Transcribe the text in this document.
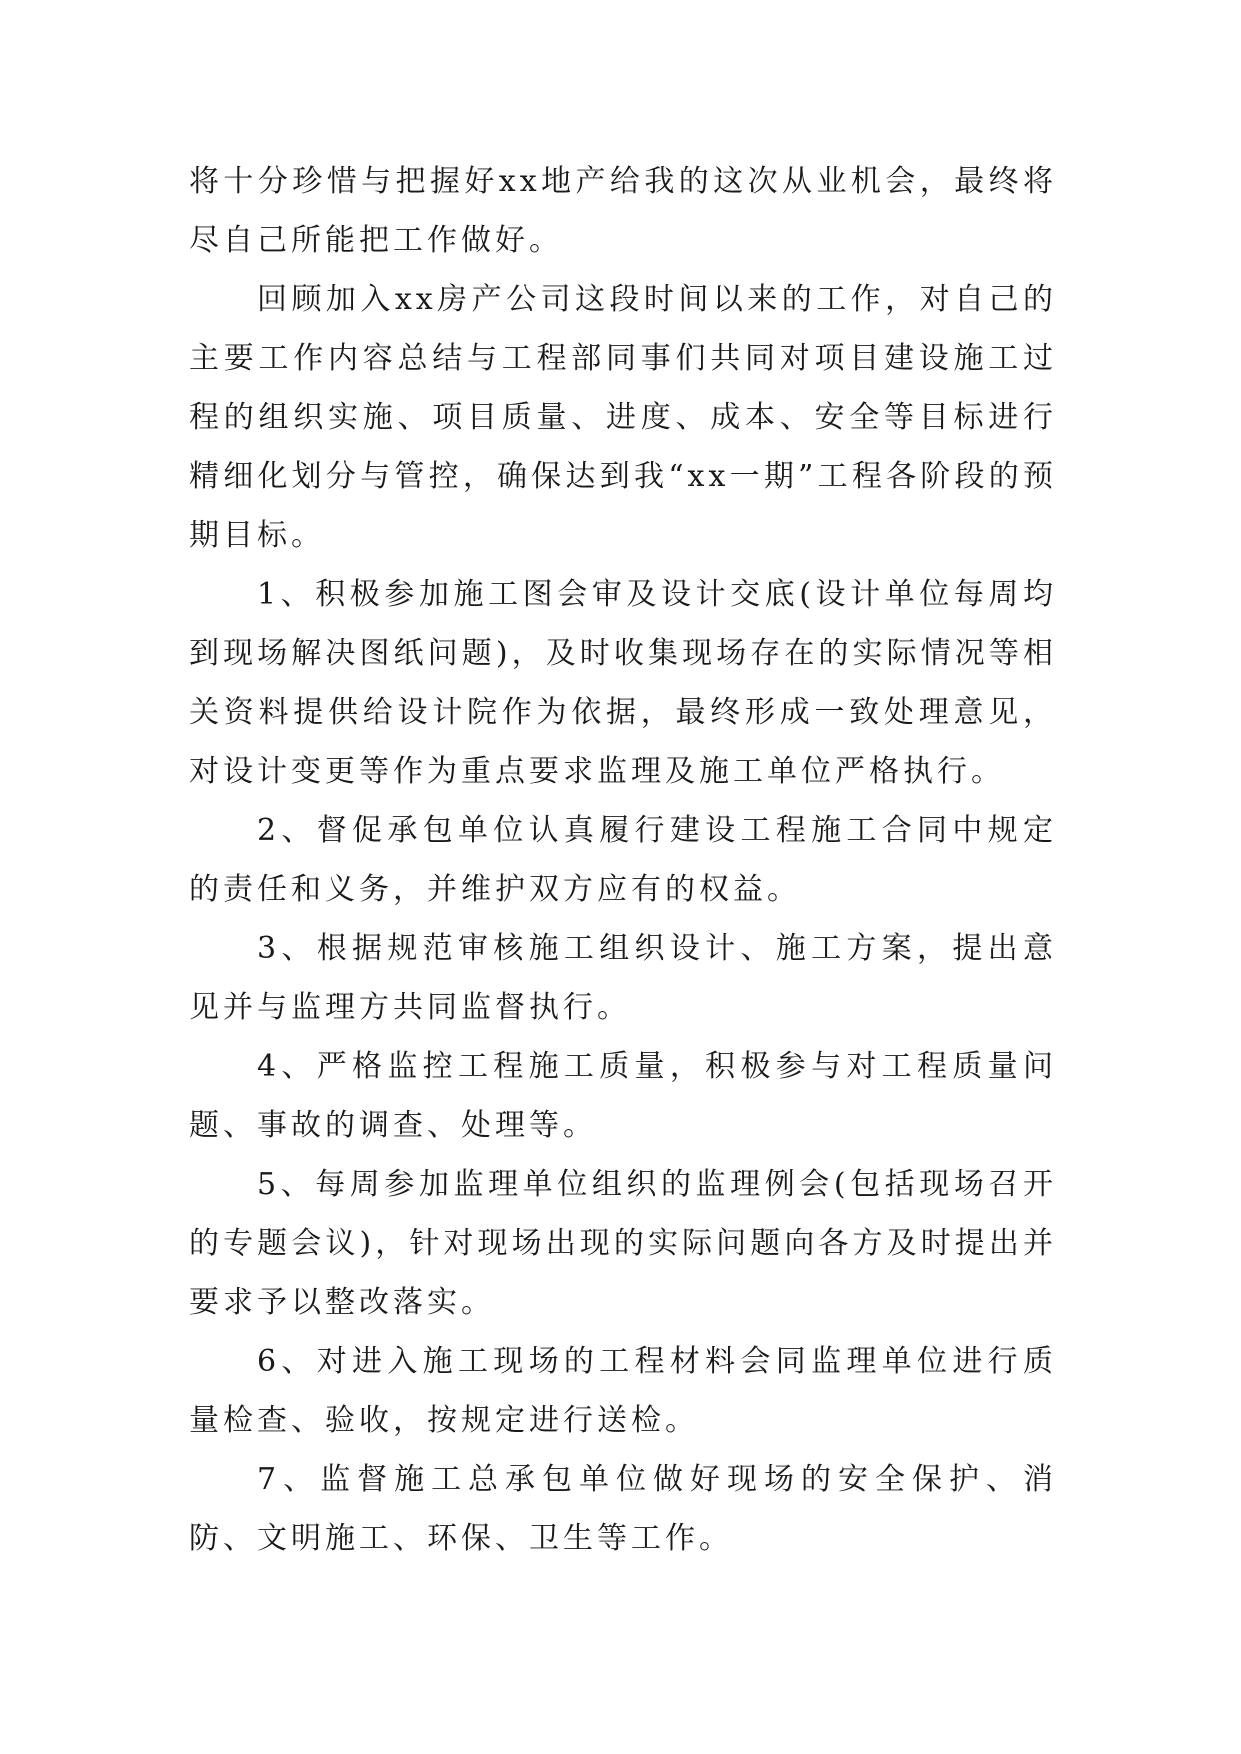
将十分珍惜与把握好xx地产给我的这次从业机会，最终将尽自己所能把工作做好。

回顾加入xx房产公司这段时间以来的工作，对自己的主要工作内容总结与工程部同事们共同对项目建设施工过程的组织实施、项目质量、进度、成本、安全等目标进行精细化划分与管控，确保达到我“xx一期”工程各阶段的预期目标。

1、积极参加施工图会审及设计交底(设计单位每周均到现场解决图纸问题)，及时收集现场存在的实际情况等相关资料提供给设计院作为依据，最终形成一致处理意见，对设计变更等作为重点要求监理及施工单位严格执行。

2、督促承包单位认真履行建设工程施工合同中规定的责任和义务，并维护双方应有的权益。

3、根据规范审核施工组织设计、施工方案，提出意见并与监理方共同监督执行。

4、严格监控工程施工质量，积极参与对工程质量问题、事故的调查、处理等。

5、每周参加监理单位组织的监理例会(包括现场召开的专题会议)，针对现场出现的实际问题向各方及时提出并要求予以整改落实。

6、对进入施工现场的工程材料会同监理单位进行质量检查、验收，按规定进行送检。

7、监督施工总承包单位做好现场的安全保护、消防、文明施工、环保、卫生等工作。
